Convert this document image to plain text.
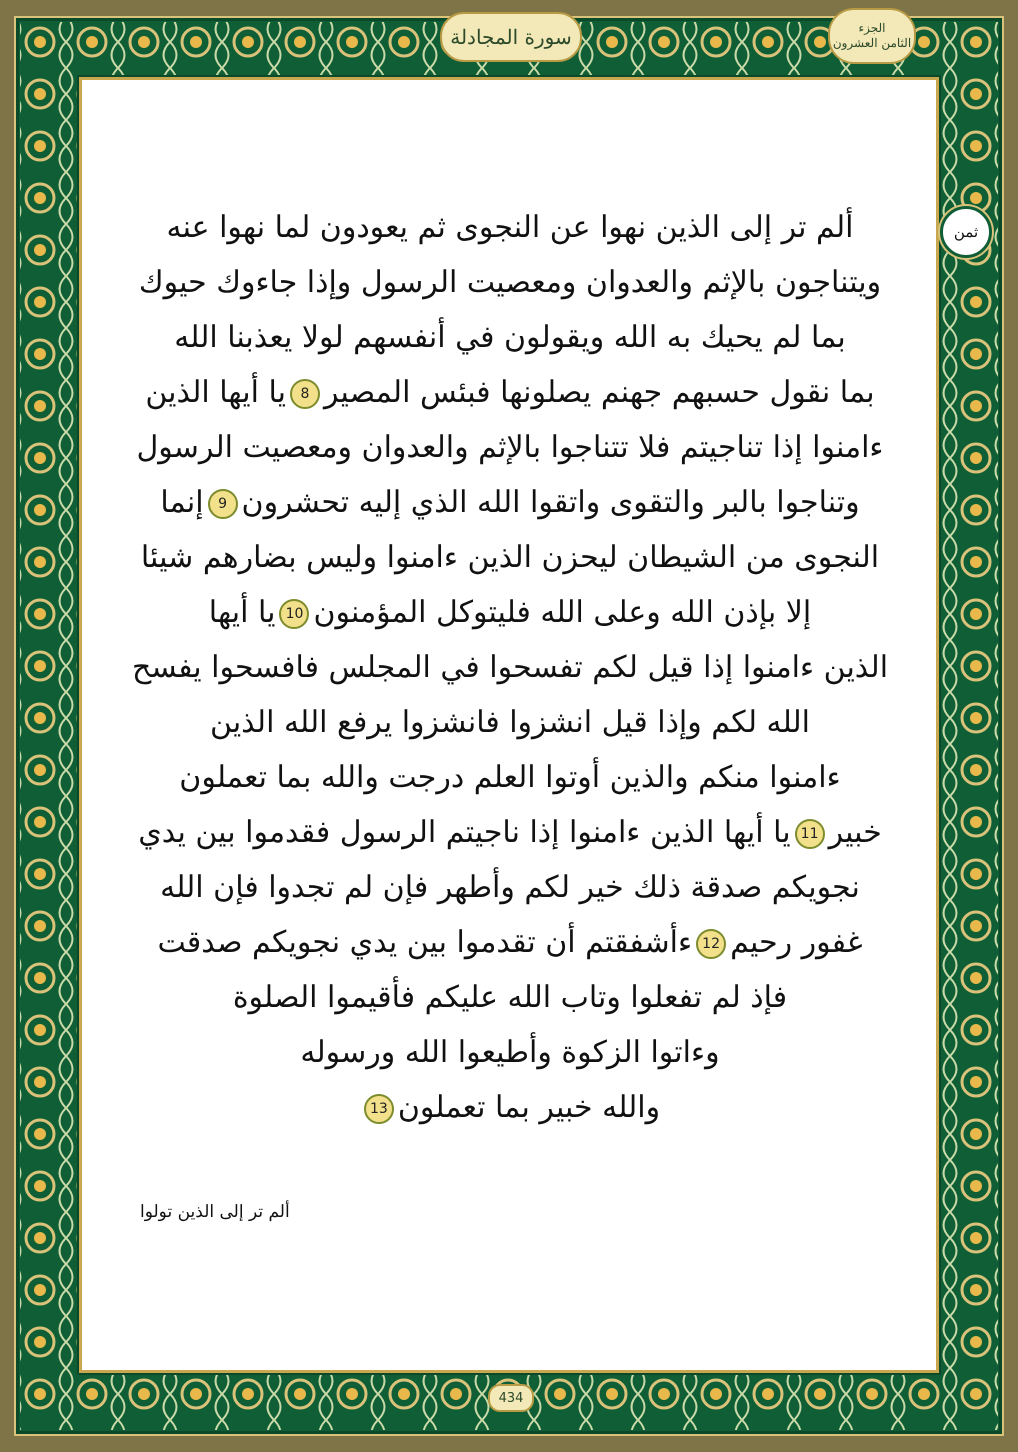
سورة المجادلة	الجزء
الثامن العشرون
ثمن
ألم تر إلى الذين نهوا عن النجوى ثم يعودون لما نهوا عنه
ويتناجون بالإثم والعدوان ومعصيت الرسول وإذا جاءوك حيوك
بما لم يحيك به الله ويقولون في أنفسهم لولا يعذبنا الله
بما نقول حسبهم جهنم يصلونها فبئس المصير8يا أيها الذين
ءامنوا إذا تناجيتم فلا تتناجوا بالإثم والعدوان ومعصيت الرسول
وتناجوا بالبر والتقوى واتقوا الله الذي إليه تحشرون9إنما
النجوى من الشيطان ليحزن الذين ءامنوا وليس بضارهم شيئا
إلا بإذن الله وعلى الله فليتوكل المؤمنون10يا أيها
الذين ءامنوا إذا قيل لكم تفسحوا في المجلس فافسحوا يفسح
الله لكم وإذا قيل انشزوا فانشزوا يرفع الله الذين
ءامنوا منكم والذين أوتوا العلم درجت والله بما تعملون
خبير11يا أيها الذين ءامنوا إذا ناجيتم الرسول فقدموا بين يدي
نجويكم صدقة ذلك خير لكم وأطهر فإن لم تجدوا فإن الله
غفور رحيم12ءأشفقتم أن تقدموا بين يدي نجويكم صدقت
فإذ لم تفعلوا وتاب الله عليكم فأقيموا الصلوة
وءاتوا الزكوة وأطيعوا الله ورسوله
والله خبير بما تعملون13
ألم تر إلى الذين تولوا
434
